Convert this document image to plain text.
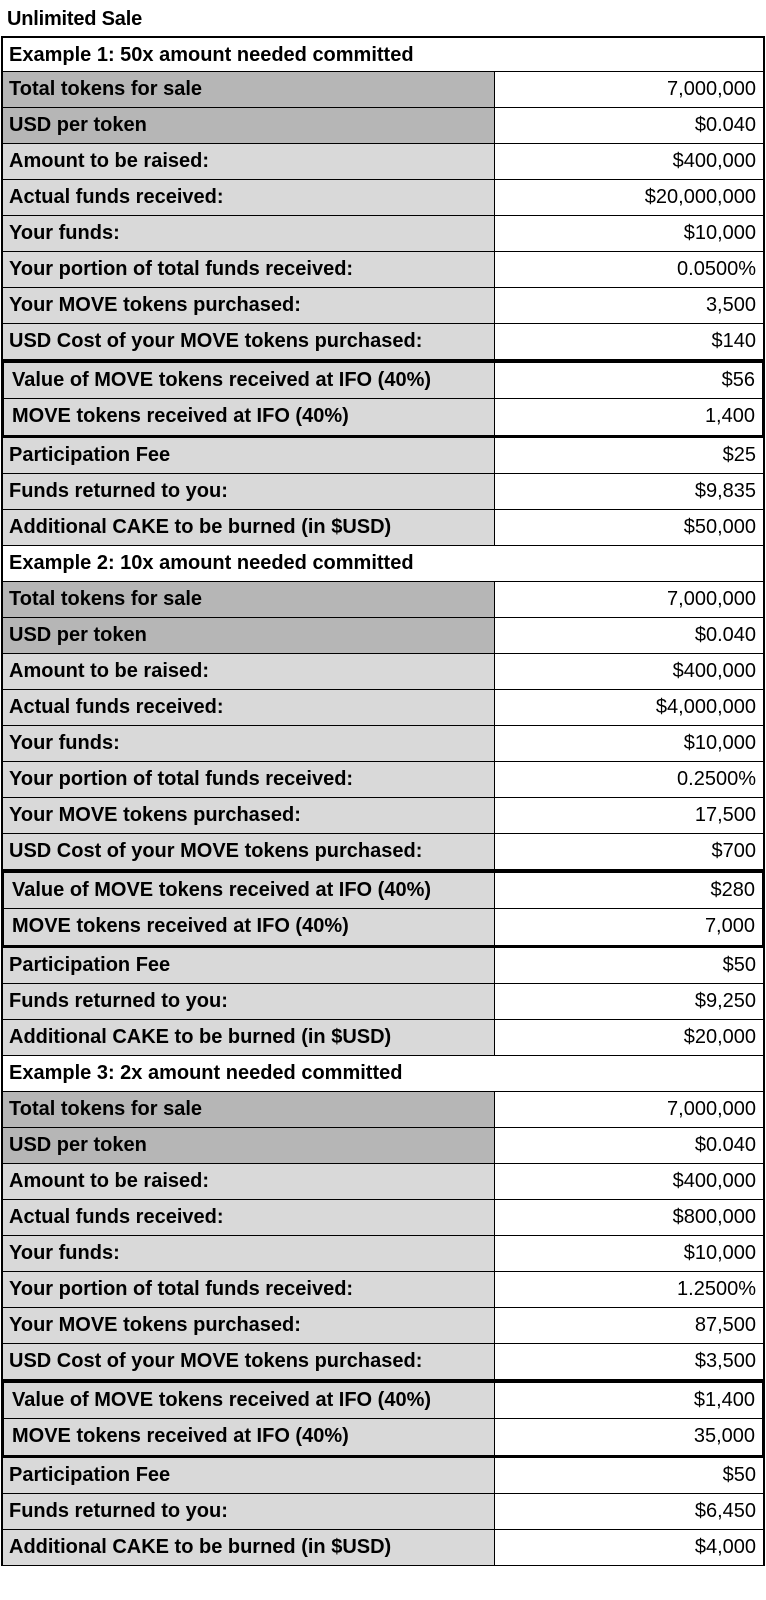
Unlimited Sale
Example 1: 50x amount needed committed
Total tokens for sale	7,000,000
USD per token	$0.040
Amount to be raised:	$400,000
Actual funds received:	$20,000,000
Your funds:	$10,000
Your portion of total funds received:	0.0500%
Your MOVE tokens purchased:	3,500
USD Cost of your MOVE tokens purchased:	$140
Value of MOVE tokens received at IFO (40%)	$56
MOVE tokens received at IFO (40%)	1,400
Participation Fee	$25
Funds returned to you:	$9,835
Additional CAKE to be burned (in $USD)	$50,000
Example 2: 10x amount needed committed
Total tokens for sale	7,000,000
USD per token	$0.040
Amount to be raised:	$400,000
Actual funds received:	$4,000,000
Your funds:	$10,000
Your portion of total funds received:	0.2500%
Your MOVE tokens purchased:	17,500
USD Cost of your MOVE tokens purchased:	$700
Value of MOVE tokens received at IFO (40%)	$280
MOVE tokens received at IFO (40%)	7,000
Participation Fee	$50
Funds returned to you:	$9,250
Additional CAKE to be burned (in $USD)	$20,000
Example 3: 2x amount needed committed
Total tokens for sale	7,000,000
USD per token	$0.040
Amount to be raised:	$400,000
Actual funds received:	$800,000
Your funds:	$10,000
Your portion of total funds received:	1.2500%
Your MOVE tokens purchased:	87,500
USD Cost of your MOVE tokens purchased:	$3,500
Value of MOVE tokens received at IFO (40%)	$1,400
MOVE tokens received at IFO (40%)	35,000
Participation Fee	$50
Funds returned to you:	$6,450
Additional CAKE to be burned (in $USD)	$4,000
